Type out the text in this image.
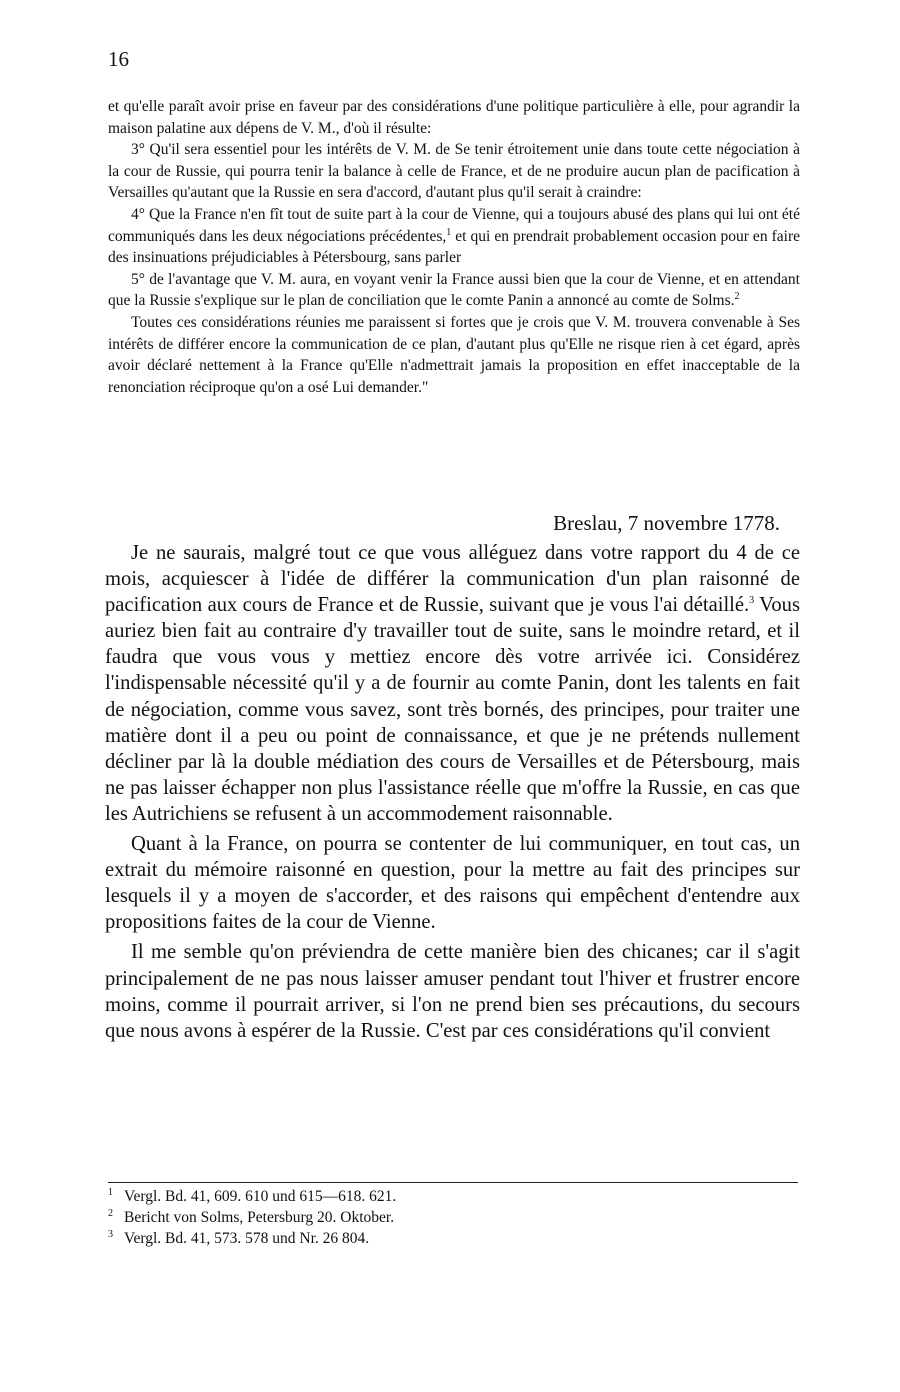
16

et qu'elle paraît avoir prise en faveur par des considérations d'une politique particulière à elle, pour agrandir la maison palatine aux dépens de V. M., d'où il résulte:

3° Qu'il sera essentiel pour les intérêts de V. M. de Se tenir étroitement unie dans toute cette négociation à la cour de Russie, qui pourra tenir la balance à celle de France, et de ne produire aucun plan de pacification à Versailles qu'autant que la Russie en sera d'accord, d'autant plus qu'il serait à craindre:

4° Que la France n'en fît tout de suite part à la cour de Vienne, qui a toujours abusé des plans qui lui ont été communiqués dans les deux négociations précédentes,$^1$ et qui en prendrait probablement occasion pour en faire des insinuations préjudiciables à Pétersbourg, sans parler

5° de l'avantage que V. M. aura, en voyant venir la France aussi bien que la cour de Vienne, et en attendant que la Russie s'explique sur le plan de conciliation que le comte Panin a annoncé au comte de Solms.$^2$

Toutes ces considérations réunies me paraissent si fortes que je crois que V. M. trouvera convenable à Ses intérêts de différer encore la communication de ce plan, d'autant plus qu'Elle ne risque rien à cet égard, après avoir déclaré nettement à la France qu'Elle n'admettrait jamais la proposition en effet inacceptable de la renonciation réciproque qu'on a osé Lui demander."

Breslau, 7 novembre 1778.

Je ne saurais, malgré tout ce que vous alléguez dans votre rapport du 4 de ce mois, acquiescer à l'idée de différer la communication d'un plan raisonné de pacification aux cours de France et de Russie, suivant que je vous l'ai détaillé.$^3$ Vous auriez bien fait au contraire d'y travailler tout de suite, sans le moindre retard, et il faudra que vous vous y mettiez encore dès votre arrivée ici. Considérez l'indispensable nécessité qu'il y a de fournir au comte Panin, dont les talents en fait de négociation, comme vous savez, sont très bornés, des principes, pour traiter une matière dont il a peu ou point de connaissance, et que je ne prétends nullement décliner par là la double médiation des cours de Versailles et de Pétersbourg, mais ne pas laisser échapper non plus l'assistance réelle que m'offre la Russie, en cas que les Autrichiens se refusent à un accommodement raisonnable.

Quant à la France, on pourra se contenter de lui communiquer, en tout cas, un extrait du mémoire raisonné en question, pour la mettre au fait des principes sur lesquels il y a moyen de s'accorder, et des raisons qui empêchent d'entendre aux propositions faites de la cour de Vienne.

Il me semble qu'on préviendra de cette manière bien des chicanes; car il s'agit principalement de ne pas nous laisser amuser pendant tout l'hiver et frustrer encore moins, comme il pourrait arriver, si l'on ne prend bien ses précautions, du secours que nous avons à espérer de la Russie. C'est par ces considérations qu'il convient

1 Vergl. Bd. 41, 609. 610 und 615—618. 621.

2 Bericht von Solms, Petersburg 20. Oktober.

3 Vergl. Bd. 41, 573. 578 und Nr. 26 804.
